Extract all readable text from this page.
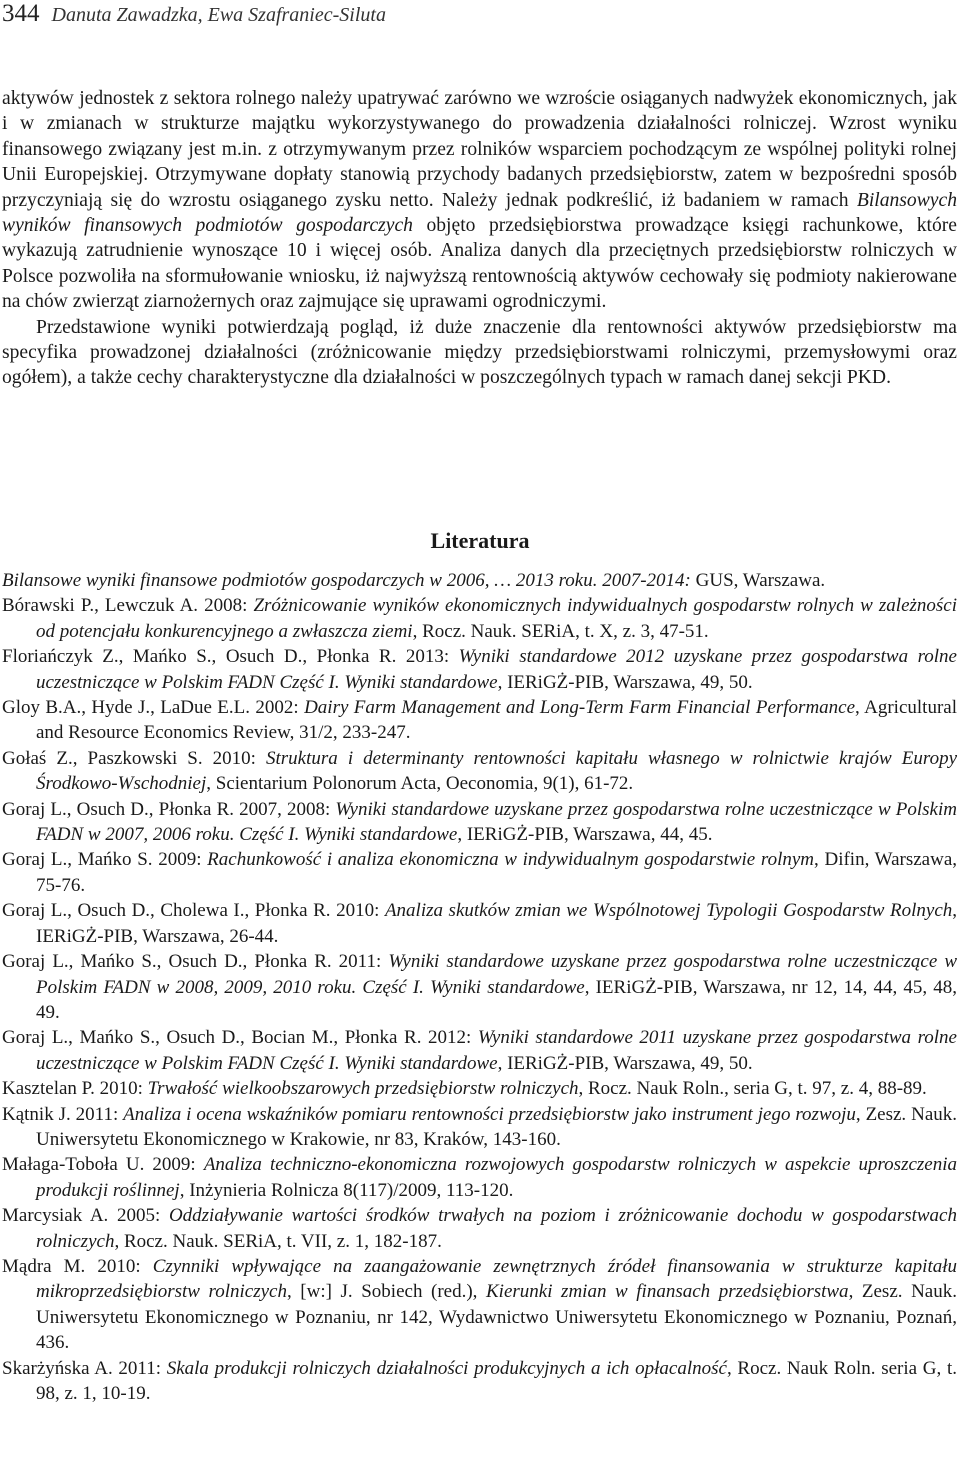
344 Danuta Zawadzka, Ewa Szafraniec-Siluta

aktywów jednostek z sektora rolnego należy upatrywać zarówno we wzroście osiąganych nadwyżek ekonomicznych, jak i w zmianach w strukturze majątku wykorzystywanego do prowadzenia działalności rolniczej. Wzrost wyniku finansowego związany jest m.in. z otrzymywanym przez rolników wsparciem pochodzącym ze wspólnej polityki rolnej Unii Europejskiej. Otrzymywane dopłaty stanowią przychody badanych przedsiębiorstw, zatem w bezpośredni sposób przyczyniają się do wzrostu osiąganego zysku netto. Należy jednak podkreślić, iż badaniem w ramach Bilansowych wyników finansowych podmiotów gospodarczych objęto przedsiębiorstwa prowadzące księgi rachunkowe, które wykazują zatrudnienie wynoszące 10 i więcej osób. Analiza danych dla przeciętnych przedsiębiorstw rolniczych w Polsce pozwoliła na sformułowanie wniosku, iż najwyższą rentownością aktywów cechowały się podmioty nakierowane na chów zwierząt ziarnożernych oraz zajmujące się uprawami ogrodniczymi.

Przedstawione wyniki potwierdzają pogląd, iż duże znaczenie dla rentowności aktywów przedsiębiorstw ma specyfika prowadzonej działalności (zróżnicowanie między przedsiębiorstwami rolniczymi, przemysłowymi oraz ogółem), a także cechy charakterystyczne dla działalności w poszczególnych typach w ramach danej sekcji PKD.

Literatura

Bilansowe wyniki finansowe podmiotów gospodarczych w 2006, … 2013 roku. 2007-2014: GUS, Warszawa.

Bórawski P., Lewczuk A. 2008: Zróżnicowanie wyników ekonomicznych indywidualnych gospodarstw rolnych w zależności od potencjału konkurencyjnego a zwłaszcza ziemi, Rocz. Nauk. SERiA, t. X, z. 3, 47-51.

Floriańczyk Z., Mańko S., Osuch D., Płonka R. 2013: Wyniki standardowe 2012 uzyskane przez gospodarstwa rolne uczestniczące w Polskim FADN Część I. Wyniki standardowe, IERiGŻ-PIB, Warszawa, 49, 50.

Gloy B.A., Hyde J., LaDue E.L. 2002: Dairy Farm Management and Long-Term Farm Financial Performance, Agricultural and Resource Economics Review, 31/2, 233-247.

Gołaś Z., Paszkowski S. 2010: Struktura i determinanty rentowności kapitału własnego w rolnictwie krajów Europy Środkowo-Wschodniej, Scientarium Polonorum Acta, Oeconomia, 9(1), 61-72.

Goraj L., Osuch D., Płonka R. 2007, 2008: Wyniki standardowe uzyskane przez gospodarstwa rolne uczestniczące w Polskim FADN w 2007, 2006 roku. Część I. Wyniki standardowe, IERiGŻ-PIB, Warszawa, 44, 45.

Goraj L., Mańko S. 2009: Rachunkowość i analiza ekonomiczna w indywidualnym gospodarstwie rolnym, Difin, Warszawa, 75-76.

Goraj L., Osuch D., Cholewa I., Płonka R. 2010: Analiza skutków zmian we Wspólnotowej Typologii Gospodarstw Rolnych, IERiGŻ-PIB, Warszawa, 26-44.

Goraj L., Mańko S., Osuch D., Płonka R. 2011: Wyniki standardowe uzyskane przez gospodarstwa rolne uczestniczące w Polskim FADN w 2008, 2009, 2010 roku. Część I. Wyniki standardowe, IERiGŻ-PIB, Warszawa, nr 12, 14, 44, 45, 48, 49.

Goraj L., Mańko S., Osuch D., Bocian M., Płonka R. 2012: Wyniki standardowe 2011 uzyskane przez gospodarstwa rolne uczestniczące w Polskim FADN Część I. Wyniki standardowe, IERiGŻ-PIB, Warszawa, 49, 50.

Kasztelan P. 2010: Trwałość wielkoobszarowych przedsiębiorstw rolniczych, Rocz. Nauk Roln., seria G, t. 97, z. 4, 88-89.

Kątnik J. 2011: Analiza i ocena wskaźników pomiaru rentowności przedsiębiorstw jako instrument jego rozwoju, Zesz. Nauk. Uniwersytetu Ekonomicznego w Krakowie, nr 83, Kraków, 143-160.

Małaga-Toboła U. 2009: Analiza techniczno-ekonomiczna rozwojowych gospodarstw rolniczych w aspekcie uproszczenia produkcji roślinnej, Inżynieria Rolnicza 8(117)/2009, 113-120.

Marcysiak A. 2005: Oddziaływanie wartości środków trwałych na poziom i zróżnicowanie dochodu w gospodarstwach rolniczych, Rocz. Nauk. SERiA, t. VII, z. 1, 182-187.

Mądra M. 2010: Czynniki wpływające na zaangażowanie zewnętrznych źródeł finansowania w strukturze kapitału mikroprzedsiębiorstw rolniczych, [w:] J. Sobiech (red.), Kierunki zmian w finansach przedsiębiorstwa, Zesz. Nauk. Uniwersytetu Ekonomicznego w Poznaniu, nr 142, Wydawnictwo Uniwersytetu Ekonomicznego w Poznaniu, Poznań, 436.

Skarżyńska A. 2011: Skala produkcji rolniczych działalności produkcyjnych a ich opłacalność, Rocz. Nauk Roln. seria G, t. 98, z. 1, 10-19.
